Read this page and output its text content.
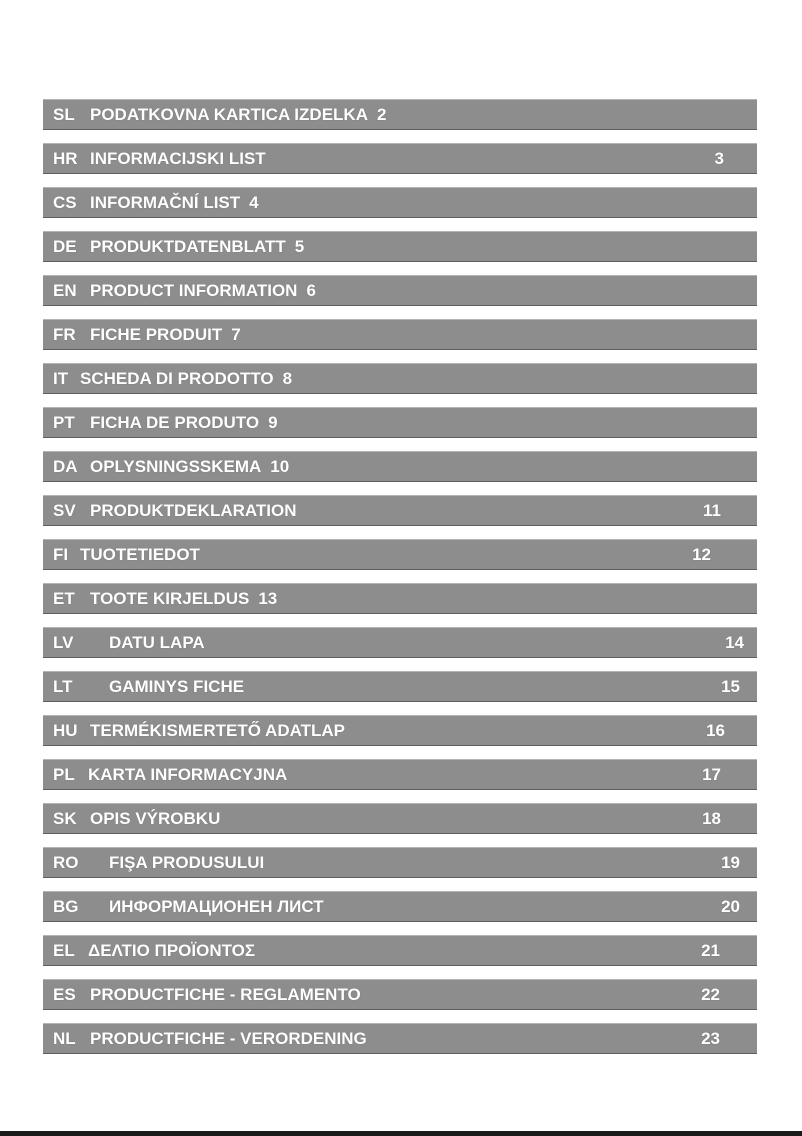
SL PODATKOVNA KARTICA IZDELKA 2
HR INFORMACIJSKI LIST	3
CS INFORMAČNÍ LIST 4
DE PRODUKTDATENBLATT 5
EN PRODUCT INFORMATION 6
FR FICHE PRODUIT 7
IT SCHEDA DI PRODOTTO 8
PT FICHA DE PRODUTO 9
DA OPLYSNINGSSKEMA 10
SV PRODUKTDEKLARATION	11
FI TUOTETIEDOT	12
ET TOOTE KIRJELDUS 13
LV DATU LAPA	14
LT GAMINYS FICHE	15
HU TERMÉKISMERTETŐ ADATLAP	16
PL KARTA INFORMACYJNA	17
SK OPIS VÝROBKU	18
RO FIŞA PRODUSULUI	19
BG ИНФОРМАЦИОНЕН ЛИСТ	20
EL ΔΕΛΤΙΟ ΠΡΟΪΟΝΤΟΣ	21
ES PRODUCTFICHE - REGLAMENTO	22
NL PRODUCTFICHE - VERORDENING	23
